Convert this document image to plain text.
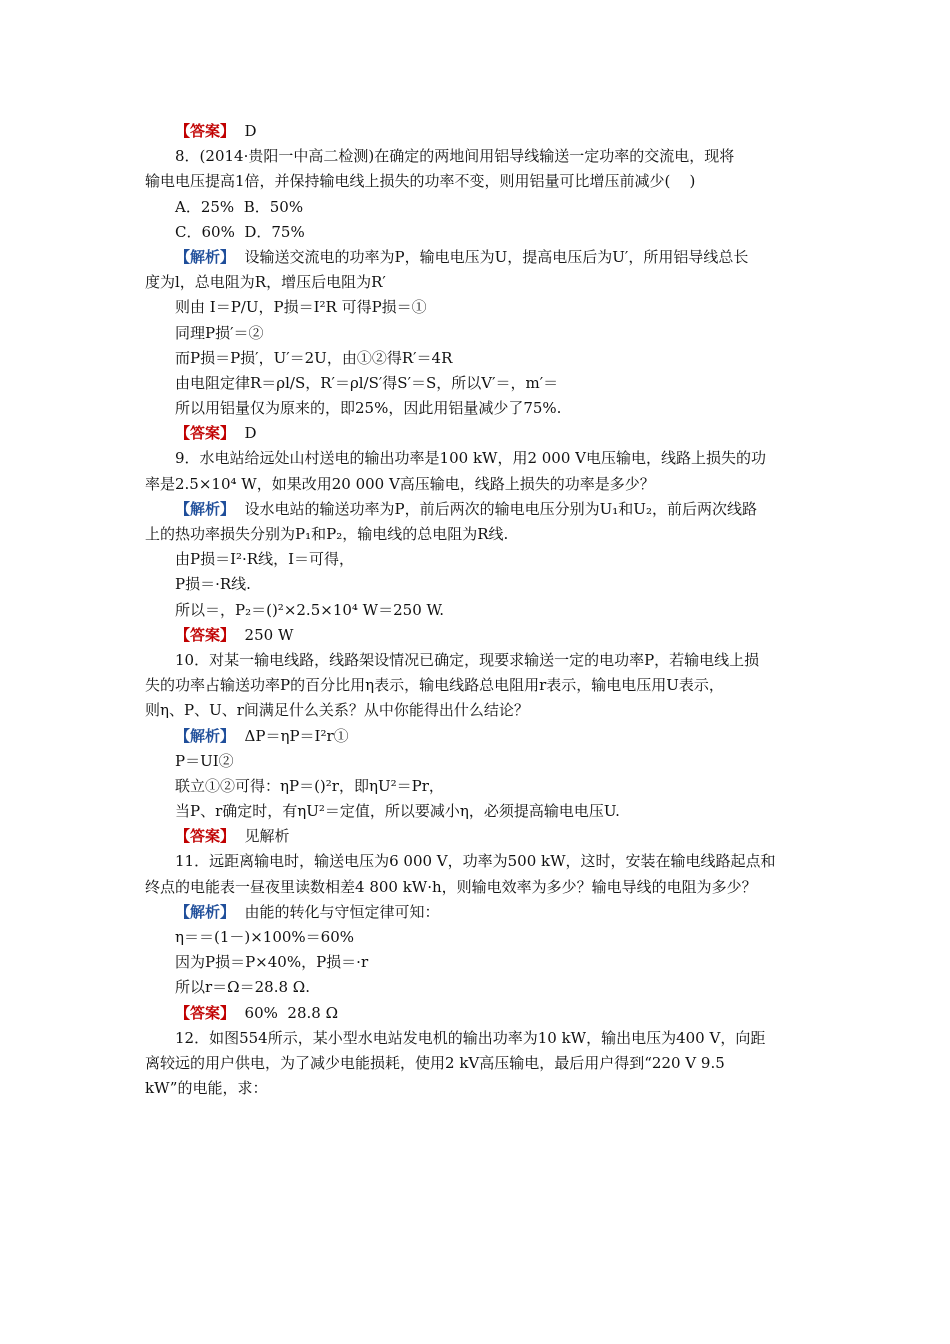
【答案】  D
8．(2014·贵阳一中高二检测)在确定的两地间用铝导线输送一定功率的交流电，现将
输电电压提高1倍，并保持输电线上损失的功率不变，则用铝量可比增压前减少(    )
A．25%  B．50%
C．60%  D．75%
【解析】  设输送交流电的功率为P，输电电压为U，提高电压后为U′，所用铝导线总长
度为l，总电阻为R，增压后电阻为R′
则由 I＝P/U，P损＝I²R 可得P损＝①
同理P损′＝②
而P损＝P损′，U′＝2U，由①②得R′＝4R
由电阻定律R＝ρl/S，R′＝ρl/S′得S′＝S，所以V′＝，m′＝
所以用铝量仅为原来的，即25%，因此用铝量减少了75%.
【答案】  D
9．水电站给远处山村送电的输出功率是100 kW，用2 000 V电压输电，线路上损失的功
率是2.5×10⁴ W，如果改用20 000 V高压输电，线路上损失的功率是多少？
【解析】  设水电站的输送功率为P，前后两次的输电电压分别为U₁和U₂，前后两次线路
上的热功率损失分别为P₁和P₂，输电线的总电阻为R线.
由P损＝I²·R线，I＝可得，
P损＝·R线.
所以＝，P₂＝()²×2.5×10⁴ W＝250 W.
【答案】  250 W
10．对某一输电线路，线路架设情况已确定，现要求输送一定的电功率P，若输电线上损
失的功率占输送功率P的百分比用η表示，输电线路总电阻用r表示，输电电压用U表示，
则η、P、U、r间满足什么关系？从中你能得出什么结论？
【解析】  ΔP＝ηP＝I²r①
P＝UI②
联立①②可得：ηP＝()²r，即ηU²＝Pr，
当P、r确定时，有ηU²＝定值，所以要减小η，必须提高输电电压U.
【答案】  见解析
11．远距离输电时，输送电压为6 000 V，功率为500 kW，这时，安装在输电线路起点和
终点的电能表一昼夜里读数相差4 800 kW·h，则输电效率为多少？输电导线的电阻为多少？
【解析】  由能的转化与守恒定律可知：
η＝＝(1－)×100%＝60%
因为P损＝P×40%，P损＝·r
所以r＝Ω＝28.8 Ω.
【答案】  60%  28.8 Ω
12．如图554所示，某小型水电站发电机的输出功率为10 kW，输出电压为400 V，向距
离较远的用户供电，为了减少电能损耗，使用2 kV高压输电，最后用户得到“220 V 9.5
kW”的电能，求：
